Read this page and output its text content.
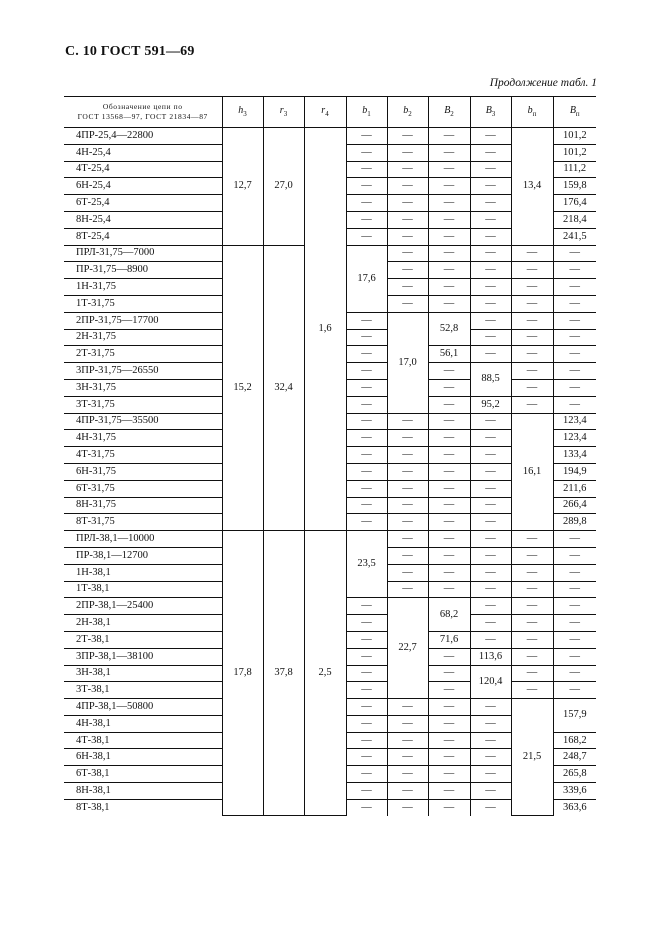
С. 10 ГОСТ 591—69
Продолжение табл. 1
Обозначение цепи по
ГОСТ 13568—97, ГОСТ 21834—87	$h_3$	$r_3$	$r_4$	$b_1$	$b_2$	$B_2$	$B_3$	$b_п$	$B_п$
4ПР-25,4—22800	12,7	27,0	1,6	—	—	—	—	13,4	101,2
4Н-25,4				—	—	—	—		101,2
4Т-25,4				—	—	—	—		111,2
6Н-25,4				—	—	—	—		159,8
6Т-25,4				—	—	—	—		176,4
8Н-25,4				—	—	—	—		218,4
8Т-25,4				—	—	—	—		241,5
ПРЛ-31,75—7000	15,2	32,4		17,6	—	—	—	—	—
ПР-31,75—8900					—	—	—	—	—
1Н-31,75					—	—	—	—	—
1Т-31,75					—	—	—	—	—
2ПР-31,75—17700				—	17,0	52,8	—	—	—
2Н-31,75				—			—	—	—
2Т-31,75				—		56,1	—	—	—
3ПР-31,75—26550				—		—	88,5	—	—
3Н-31,75				—		—		—	—
3Т-31,75				—		—	95,2	—	—
4ПР-31,75—35500				—	—	—	—	16,1	123,4
4Н-31,75				—	—	—	—		123,4
4Т-31,75				—	—	—	—		133,4
6Н-31,75				—	—	—	—		194,9
6Т-31,75				—	—	—	—		211,6
8Н-31,75				—	—	—	—		266,4
8Т-31,75				—	—	—	—		289,8
ПРЛ-38,1—10000	17,8	37,8	2,5	23,5	—	—	—	—	—
ПР-38,1—12700					—	—	—	—	—
1Н-38,1					—	—	—	—	—
1Т-38,1					—	—	—	—	—
2ПР-38,1—25400				—	22,7	68,2	—	—	—
2Н-38,1				—			—	—	—
2Т-38,1				—		71,6	—	—	—
3ПР-38,1—38100				—		—	113,6	—	—
3Н-38,1				—		—	120,4	—	—
3Т-38,1				—		—		—	—
4ПР-38,1—50800				—	—	—	—	21,5	157,9
4Н-38,1				—	—	—	—		
4Т-38,1				—	—	—	—		168,2
6Н-38,1				—	—	—	—		248,7
6Т-38,1				—	—	—	—		265,8
8Н-38,1				—	—	—	—		339,6
8Т-38,1				—	—	—	—		363,6
